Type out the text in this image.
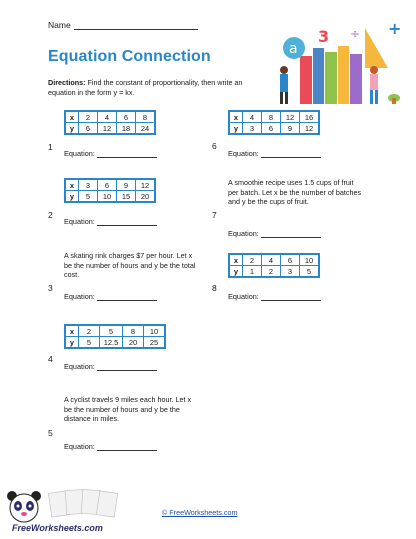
Name
Equation Connection
Directions: Find the constant of proportionality, then write an equation in the form y = kx.
a
3	+
÷
x	2	4	6	8
y	6	12	18	24
1
Equation:
x	3	6	9	12
y	5	10	15	20
2
Equation:
A skating rink charges $7 per hour. Let x be the number of hours and y be the total cost.
3
Equation:
x	2	5	8	10
y	5	12.5	20	25
4
Equation:
A cyclist travels 9 miles each hour. Let x be the number of hours and y be the distance in miles.
5
Equation:
x	4	8	12	16
y	3	6	9	12
6
Equation:
A smoothie recipe uses 1.5 cups of fruit per batch. Let x be the number of batches and y be the cups of fruit.
7
Equation:
x	2	4	6	10
y	1	2	3	5
8
Equation:
FreeWorksheets.com
© FreeWorksheets.com
